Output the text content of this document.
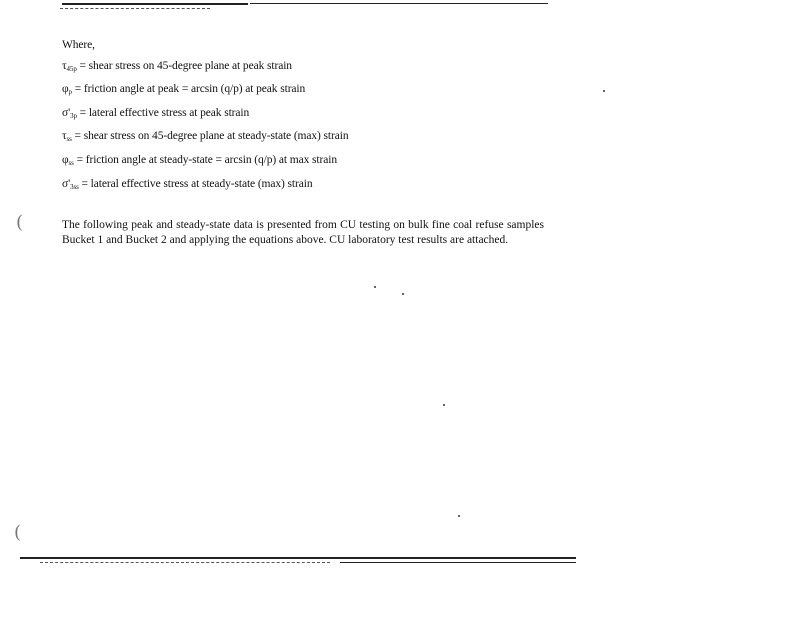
Where,
$\tau_{45p}$ = shear stress on 45-degree plane at peak strain
$\varphi_p$ = friction angle at peak = arcsin (q/p) at peak strain
$\sigma'_{3p}$ = lateral effective stress at peak strain
$\tau_{ss}$ = shear stress on 45-degree plane at steady-state (max) strain
$\varphi_{ss}$ = friction angle at steady-state = arcsin (q/p) at max strain
$\sigma'_{3ss}$ = lateral effective stress at steady-state (max) strain
The following peak and steady-state data is presented from CU testing on bulk fine coal refuse samples Bucket 1 and Bucket 2 and applying the equations above. CU laboratory test results are attached.
(
(
